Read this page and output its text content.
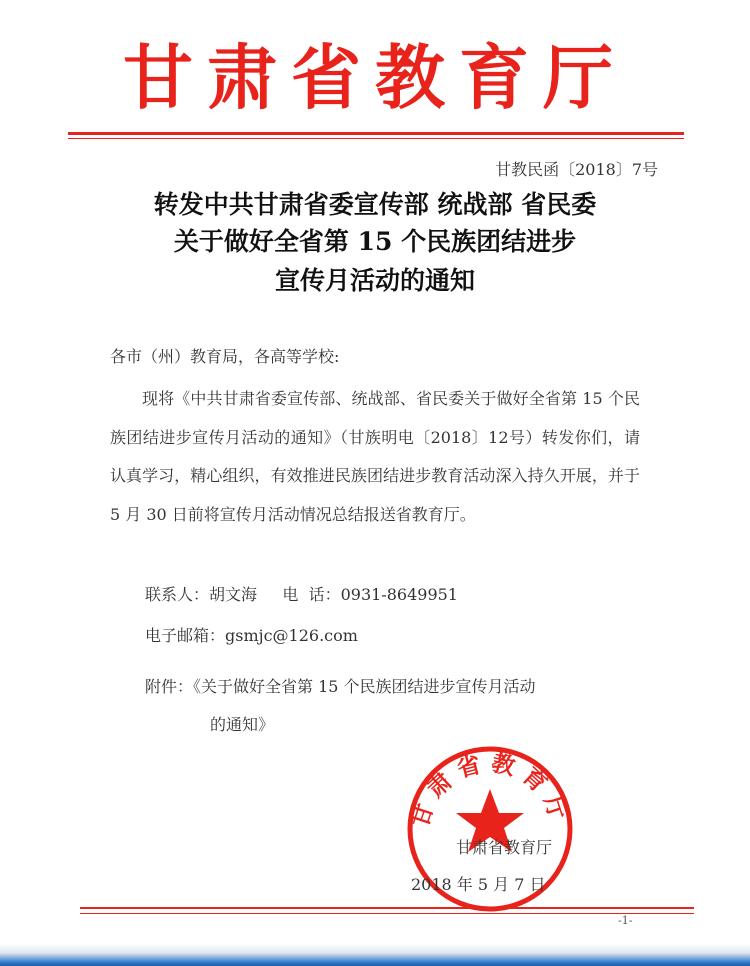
甘肃省教育厅
甘教民函〔2018〕7号
转发中共甘肃省委宣传部 统战部 省民委
关于做好全省第 15 个民族团结进步
宣传月活动的通知
各市（州）教育局，各高等学校:
现将《中共甘肃省委宣传部、统战部、省民委关于做好全省第 15 个民族团结进步宣传月活动的通知》（甘族明电〔2018〕12号）转发你们，请认真学习，精心组织，有效推进民族团结进步教育活动深入持久开展，并于 5 月 30 日前将宣传月活动情况总结报送省教育厅。
联系人：胡文海     电  话：0931-8649951
电子邮箱：gsmjc@126.com
附件：《关于做好全省第 15 个民族团结进步宣传月活动
的通知》
甘肃省教育厅
甘肃省教育厅
2018 年 5 月 7 日
-1-
